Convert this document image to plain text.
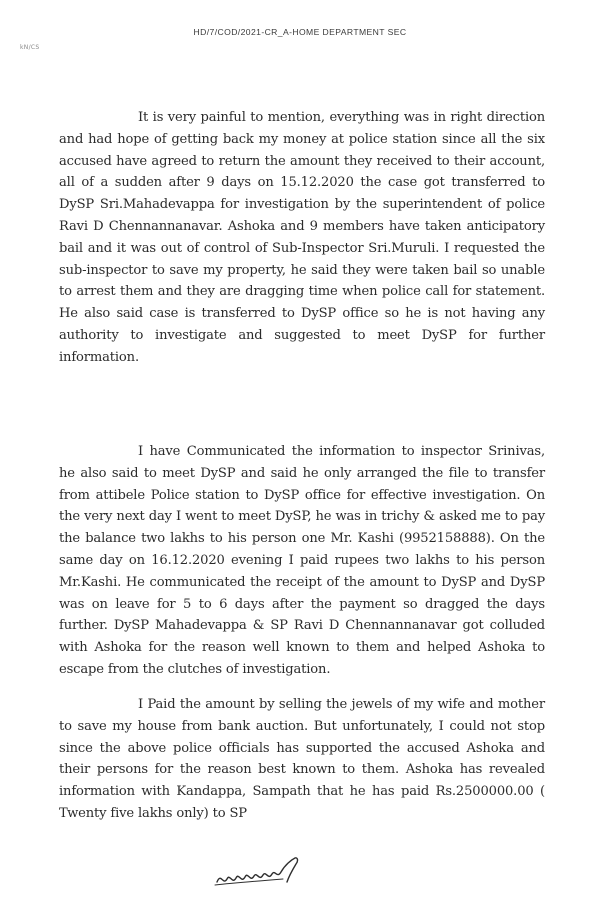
HD/7/COD/2021-CR_A-HOME DEPARTMENT SEC
kN/CS

It is very painful to mention, everything was in right direction and had hope of getting back my money at police station since all the six accused have agreed to return the amount they received to their account, all of a sudden after 9 days on 15.12.2020 the case got transferred to DySP Sri.Mahadevappa for investigation by the superintendent of police Ravi D Chennannanavar. Ashoka and 9 members have taken anticipatory bail and it was out of control of Sub-Inspector Sri.Muruli. I requested the sub-inspector to save my property, he said they were taken bail so unable to arrest them and they are dragging time when police call for statement. He also said case is transferred to DySP office so he is not having any authority to investigate and suggested to meet DySP for further information.

I have Communicated the information to inspector Srinivas, he also said to meet DySP and said he only arranged the file to transfer from attibele Police station to DySP office for effective investigation. On the very next day I went to meet DySP, he was in trichy & asked me to pay the balance two lakhs to his person one Mr. Kashi (9952158888). On the same day on 16.12.2020 evening I paid rupees two lakhs to his person Mr.Kashi. He communicated the receipt of the amount to DySP and DySP was on leave for 5 to 6 days after the payment so dragged the days further. DySP Mahadevappa & SP Ravi D Chennannanavar got colluded with Ashoka for the reason well known to them and helped Ashoka to escape from the clutches of investigation.

I Paid the amount by selling the jewels of my wife and mother to save my house from bank auction. But unfortunately, I could not stop since the above police officials has supported the accused Ashoka and their persons for the reason best known to them. Ashoka has revealed information with Kandappa, Sampath that he has paid Rs.2500000.00 ( Twenty five lakhs only) to SP
